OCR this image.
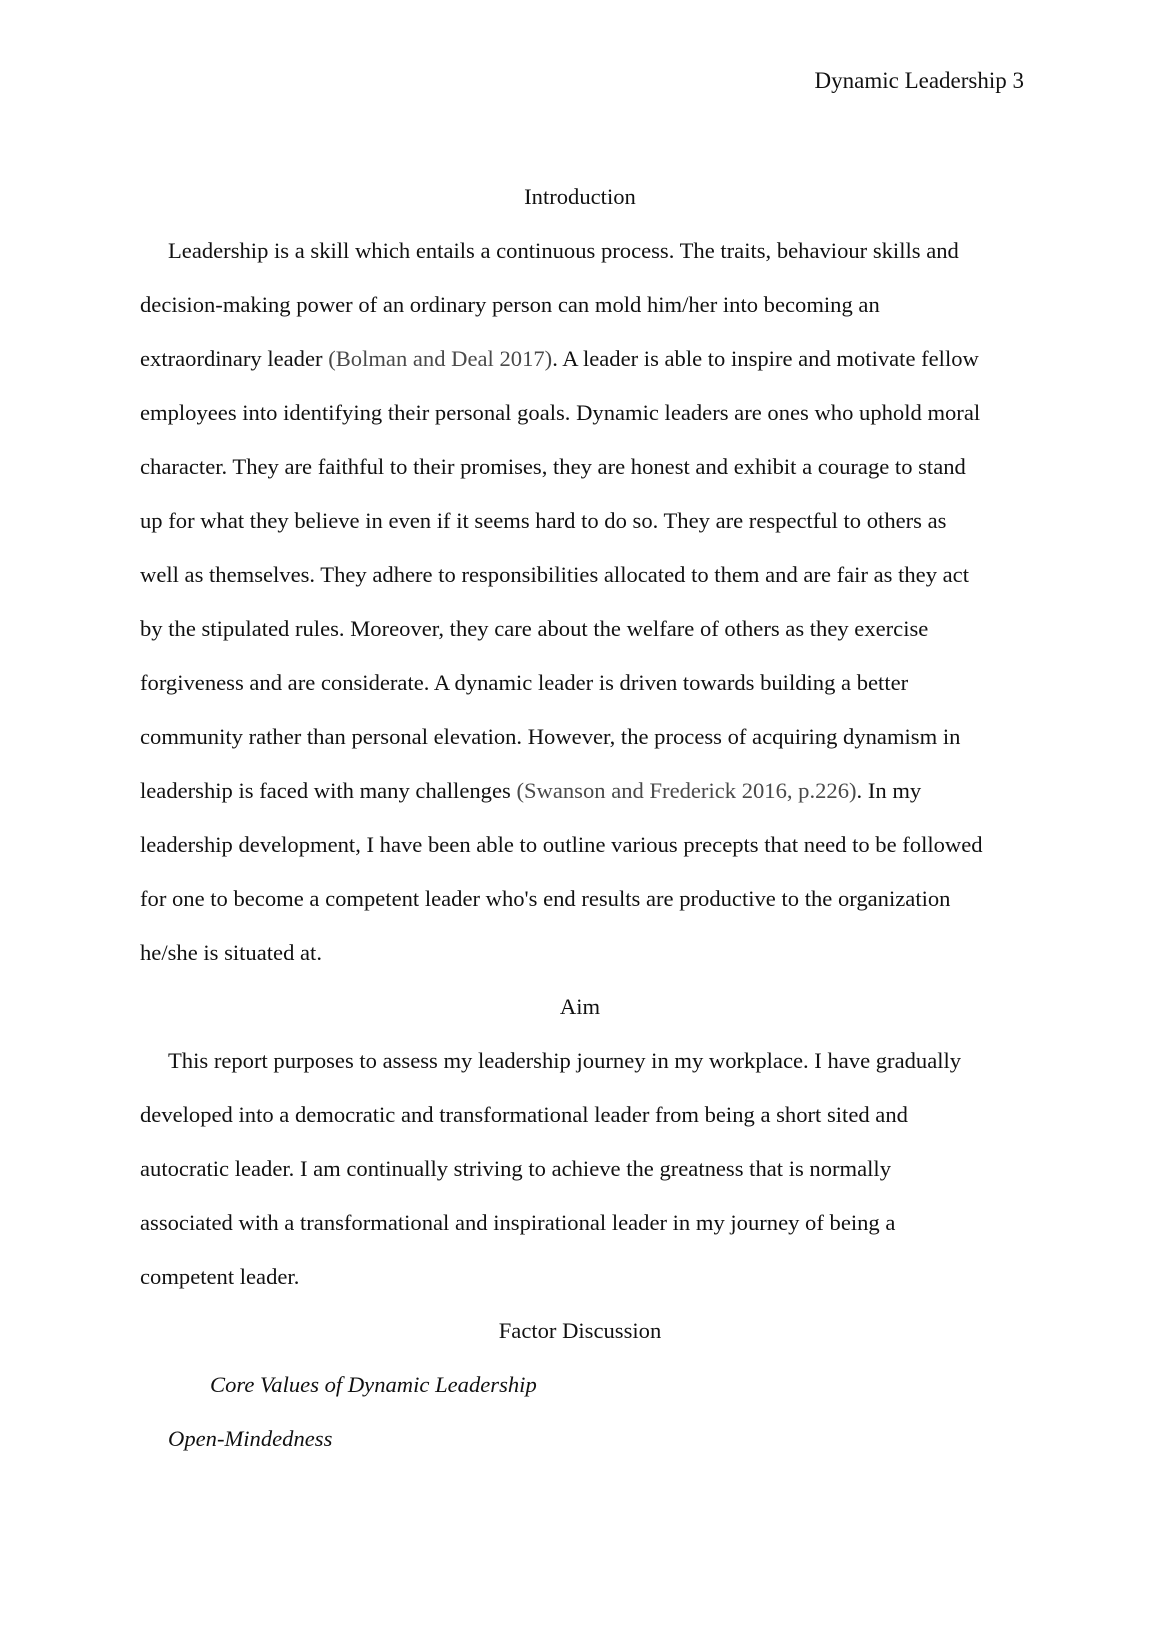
Dynamic Leadership 3
Introduction
Leadership is a skill which entails a continuous process. The traits, behaviour skills and
decision-making power of an ordinary person can mold him/her into becoming an
extraordinary leader (Bolman and Deal 2017). A leader is able to inspire and motivate fellow
employees into identifying their personal goals. Dynamic leaders are ones who uphold moral
character. They are faithful to their promises, they are honest and exhibit a courage to stand
up for what they believe in even if it seems hard to do so. They are respectful to others as
well as themselves. They adhere to responsibilities allocated to them and are fair as they act
by the stipulated rules. Moreover, they care about the welfare of others as they exercise
forgiveness and are considerate. A dynamic leader is driven towards building a better
community rather than personal elevation. However, the process of acquiring dynamism in
leadership is faced with many challenges (Swanson and Frederick 2016, p.226). In my
leadership development, I have been able to outline various precepts that need to be followed
for one to become a competent leader who's end results are productive to the organization
he/she is situated at.
Aim
This report purposes to assess my leadership journey in my workplace. I have gradually
developed into a democratic and transformational leader from being a short sited and
autocratic leader. I am continually striving to achieve the greatness that is normally
associated with a transformational and inspirational leader in my journey of being a
competent leader.
Factor Discussion
Core Values of Dynamic Leadership
Open-Mindedness
